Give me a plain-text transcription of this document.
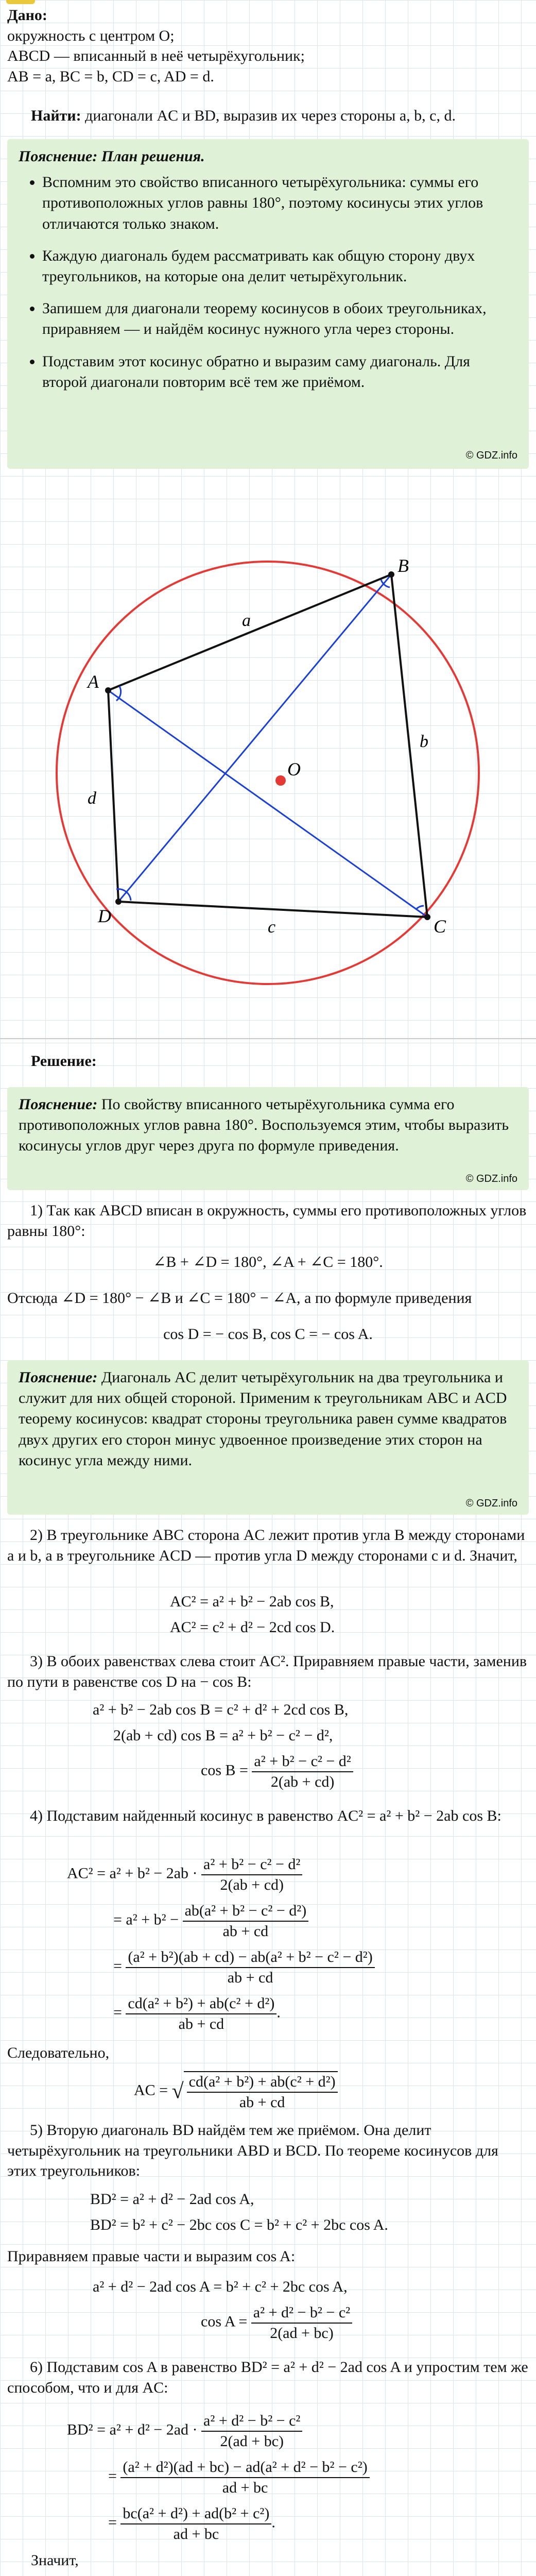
Дано:
окружность с центром O;
ABCD — вписанный в неё четырёхугольник;
AB = a, BC = b, CD = c, AD = d.
Найти: диагонали AC и BD, выразив их через стороны a, b, c, d.
Пояснение: План решения.
• Вспомним это свойство вписанного четырёхугольника: суммы его противоположных углов равны 180°, поэтому косинусы этих углов отличаются только знаком.
• Каждую диагональ будем рассматривать как общую сторону двух треугольников, на которые она делит четырёхугольник.
• Запишем для диагонали теорему косинусов в обоих треугольниках, приравняем — и найдём косинус нужного угла через стороны.
• Подставим этот косинус обратно и выразим саму диагональ. Для второй диагонали повторим всё тем же приёмом.
© GDZ.info
A
B
C
D
O
a
b
c
d
Решение:
Пояснение: По свойству вписанного четырёхугольника сумма его противоположных углов равна 180°. Воспользуемся этим, чтобы выразить косинусы углов друг через друга по формуле приведения.
© GDZ.info
1) Так как ABCD вписан в окружность, суммы его противоположных углов равны 180°:
∠B + ∠D = 180°, ∠A + ∠C = 180°.
Отсюда ∠D = 180° − ∠B и ∠C = 180° − ∠A, а по формуле приведения
cos D = − cos B, cos C = − cos A.
Пояснение: Диагональ AC делит четырёхугольник на два треугольника и служит для них общей стороной. Применим к треугольникам ABC и ACD теорему косинусов: квадрат стороны треугольника равен сумме квадратов двух других его сторон минус удвоенное произведение этих сторон на косинус угла между ними.
© GDZ.info
2) В треугольнике ABC сторона AC лежит против угла B между сторонами a и b, а в треугольнике ACD — против угла D между сторонами c и d. Значит,
AC² = a² + b² − 2ab cos B,
AC² = c² + d² − 2cd cos D.
3) В обоих равенствах слева стоит AC². Приравняем правые части, заменив по пути в равенстве cos D на − cos B:
a² + b² − 2ab cos B = c² + d² + 2cd cos B,
2(ab + cd) cos B = a² + b² − c² − d²,
$\cos B = \frac{\text{a² + b² − c² − d²}}{2(ab + cd)}$
4) Подставим найденный косинус в равенство AC² = a² + b² − 2ab cos B:
$AC^2 = a^2 + b^2 - 2ab \cdot \frac{\text{a² + b² − c² − d²}}{2(ab + cd)}$
= $a^2 + b^2 - \frac{\text{ab(a² + b² − c² − d²)}}{ab + cd}$
= $\frac{\text{(a² + b²)(ab + cd) − ab(a² + b² − c² − d²)}}{ab + cd}$
= $\frac{\text{cd(a² + b²) + ab(c² + d²)}}{ab + cd}$ .
Следовательно,
AC = √ $\frac{\text{cd(a² + b²) + ab(c² + d²)}}{ab + cd}$
5) Вторую диагональ BD найдём тем же приёмом. Она делит четырёхугольник на треугольники ABD и BCD. По теореме косинусов для этих треугольников:
BD² = a² + d² − 2ad cos A,
BD² = b² + c² − 2bc cos C = b² + c² + 2bc cos A.
Приравняем правые части и выразим cos A:
a² + d² − 2ad cos A = b² + c² + 2bc cos A,
$\cos A = \frac{\text{a² + d² − b² − c²}}{2(ad + bc)}$
6) Подставим cos A в равенство BD² = a² + d² − 2ad cos A и упростим тем же способом, что и для AC:
$BD^2 = a^2 + d^2 - 2ad \cdot \frac{\text{a² + d² − b² − c²}}{2(ad + bc)}$
= $\frac{\text{(a² + d²)(ad + bc) − ad(a² + d² − b² − c²)}}{ad + bc}$
= $\frac{\text{bc(a² + d²) + ad(b² + c²)}}{ad + bc}$ .
Значит,
